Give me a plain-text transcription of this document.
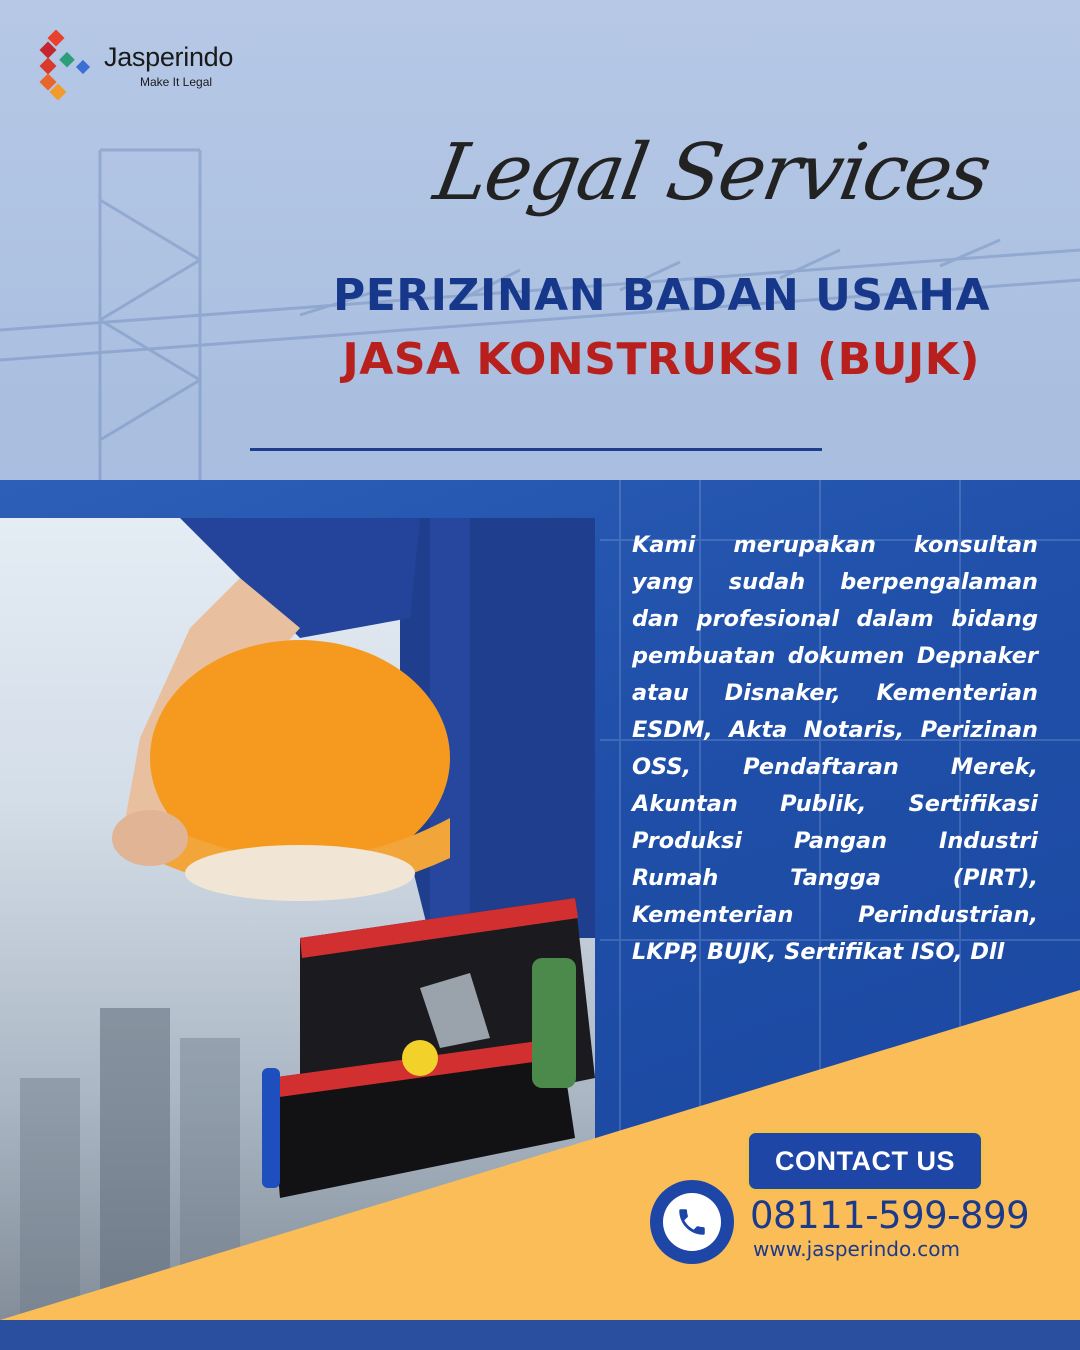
Jasperindo
Make It Legal
Legal Services
PERIZINAN BADAN USAHA
JASA KONSTRUKSI (BUJK)
Kami merupakan konsultan yang sudah berpengalaman dan profesional dalam bidang pembuatan dokumen Depnaker atau Disnaker, Kementerian ESDM, Akta Notaris, Perizinan OSS, Pendaftaran Merek, Akuntan Publik, Sertifikasi Produksi Pangan Industri Rumah Tangga (PIRT), Kementerian Perindustrian, LKPP, BUJK, Sertifikat ISO, Dll
CONTACT US
08111-599-899
www.jasperindo.com
